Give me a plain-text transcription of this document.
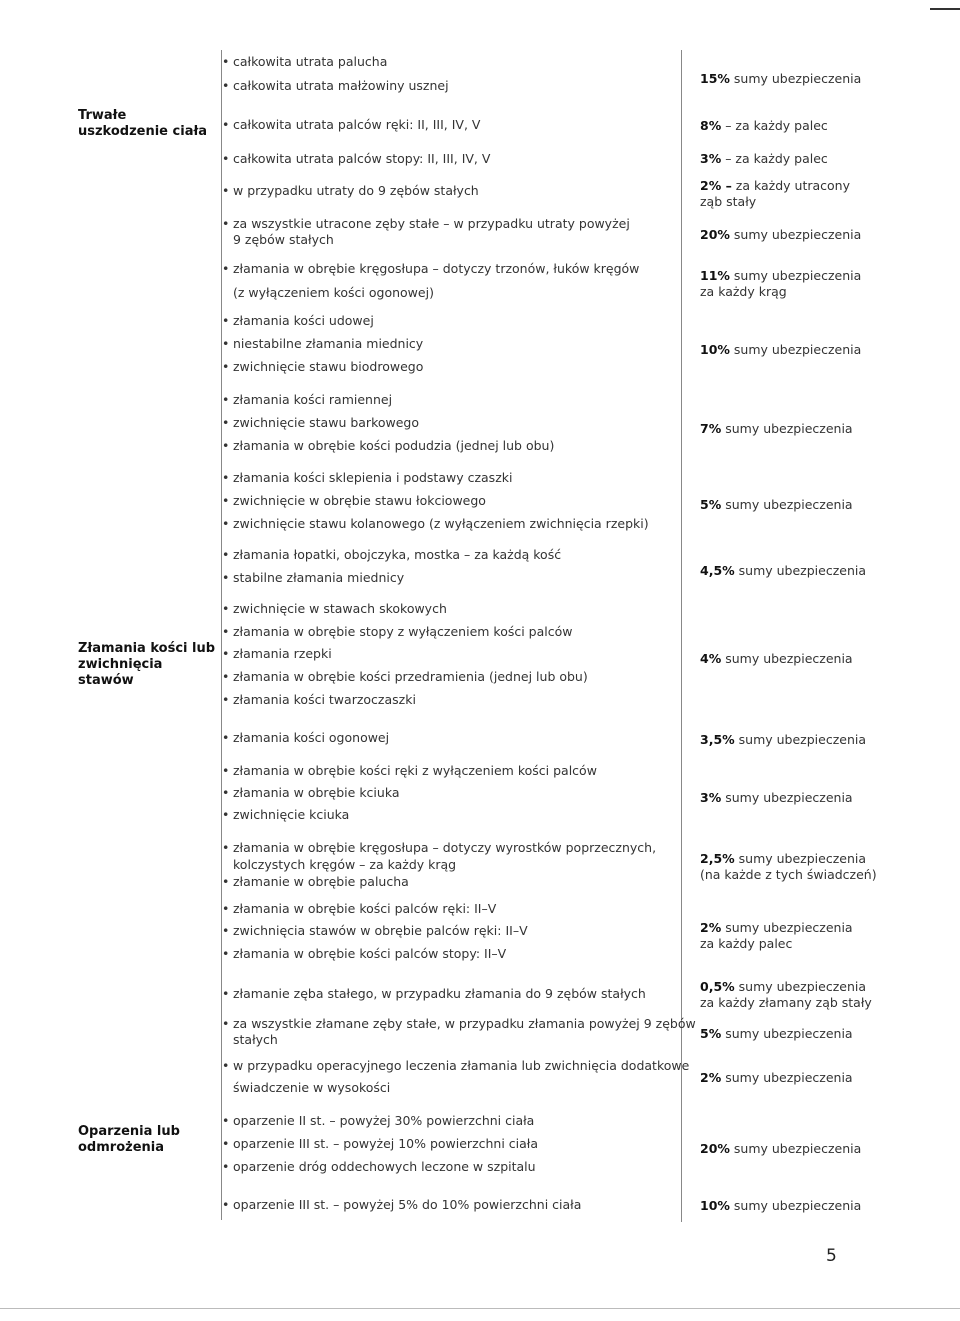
Trwałe uszkodzenie ciała
Złamania kości lub zwichnięcia stawów
Oparzenia lub odmrożenia
• całkowita utrata palucha
• całkowita utrata małżowiny usznej
• całkowita utrata palców ręki: II, III, IV, V
• całkowita utrata palców stopy: II, III, IV, V
• w przypadku utraty do 9 zębów stałych
• za wszystkie utracone zęby stałe – w przypadku utraty powyżej
9 zębów stałych
• złamania w obrębie kręgosłupa – dotyczy trzonów, łuków kręgów
(z wyłączeniem kości ogonowej)
• złamania kości udowej
• niestabilne złamania miednicy
• zwichnięcie stawu biodrowego
• złamania kości ramiennej
• zwichnięcie stawu barkowego
• złamania w obrębie kości podudzia (jednej lub obu)
• złamania kości sklepienia i podstawy czaszki
• zwichnięcie w obrębie stawu łokciowego
• zwichnięcie stawu kolanowego (z wyłączeniem zwichnięcia rzepki)
• złamania łopatki, obojczyka, mostka – za każdą kość
• stabilne złamania miednicy
• zwichnięcie w stawach skokowych
• złamania w obrębie stopy z wyłączeniem kości palców
• złamania rzepki
• złamania w obrębie kości przedramienia (jednej lub obu)
• złamania kości twarzoczaszki
• złamania kości ogonowej
• złamania w obrębie kości ręki z wyłączeniem kości palców
• złamania w obrębie kciuka
• zwichnięcie kciuka
• złamania w obrębie kręgosłupa – dotyczy wyrostków poprzecznych,
kolczystych kręgów – za każdy krąg
• złamanie w obrębie palucha
• złamania w obrębie kości palców ręki: II–V
• zwichnięcia stawów w obrębie palców ręki: II–V
• złamania w obrębie kości palców stopy: II–V
• złamanie zęba stałego, w przypadku złamania do 9 zębów stałych
• za wszystkie złamane zęby stałe, w przypadku złamania powyżej 9 zębów
stałych
• w przypadku operacyjnego leczenia złamania lub zwichnięcia dodatkowe
świadczenie w wysokości
• oparzenie II st. – powyżej 30% powierzchni ciała
• oparzenie III st. – powyżej 10% powierzchni ciała
• oparzenie dróg oddechowych leczone w szpitalu
• oparzenie III st. – powyżej 5% do 10% powierzchni ciała
15% sumy ubezpieczenia
8% – za każdy palec
3% – za każdy palec
2% – za każdy utracony
ząb stały
20% sumy ubezpieczenia
11% sumy ubezpieczenia
za każdy krąg
10% sumy ubezpieczenia
7% sumy ubezpieczenia
5% sumy ubezpieczenia
4,5% sumy ubezpieczenia
4% sumy ubezpieczenia
3,5% sumy ubezpieczenia
3% sumy ubezpieczenia
2,5% sumy ubezpieczenia
(na każde z tych świadczeń)
2% sumy ubezpieczenia
za każdy palec
0,5% sumy ubezpieczenia
za każdy złamany ząb stały
5% sumy ubezpieczenia
2% sumy ubezpieczenia
20% sumy ubezpieczenia
10% sumy ubezpieczenia
5
